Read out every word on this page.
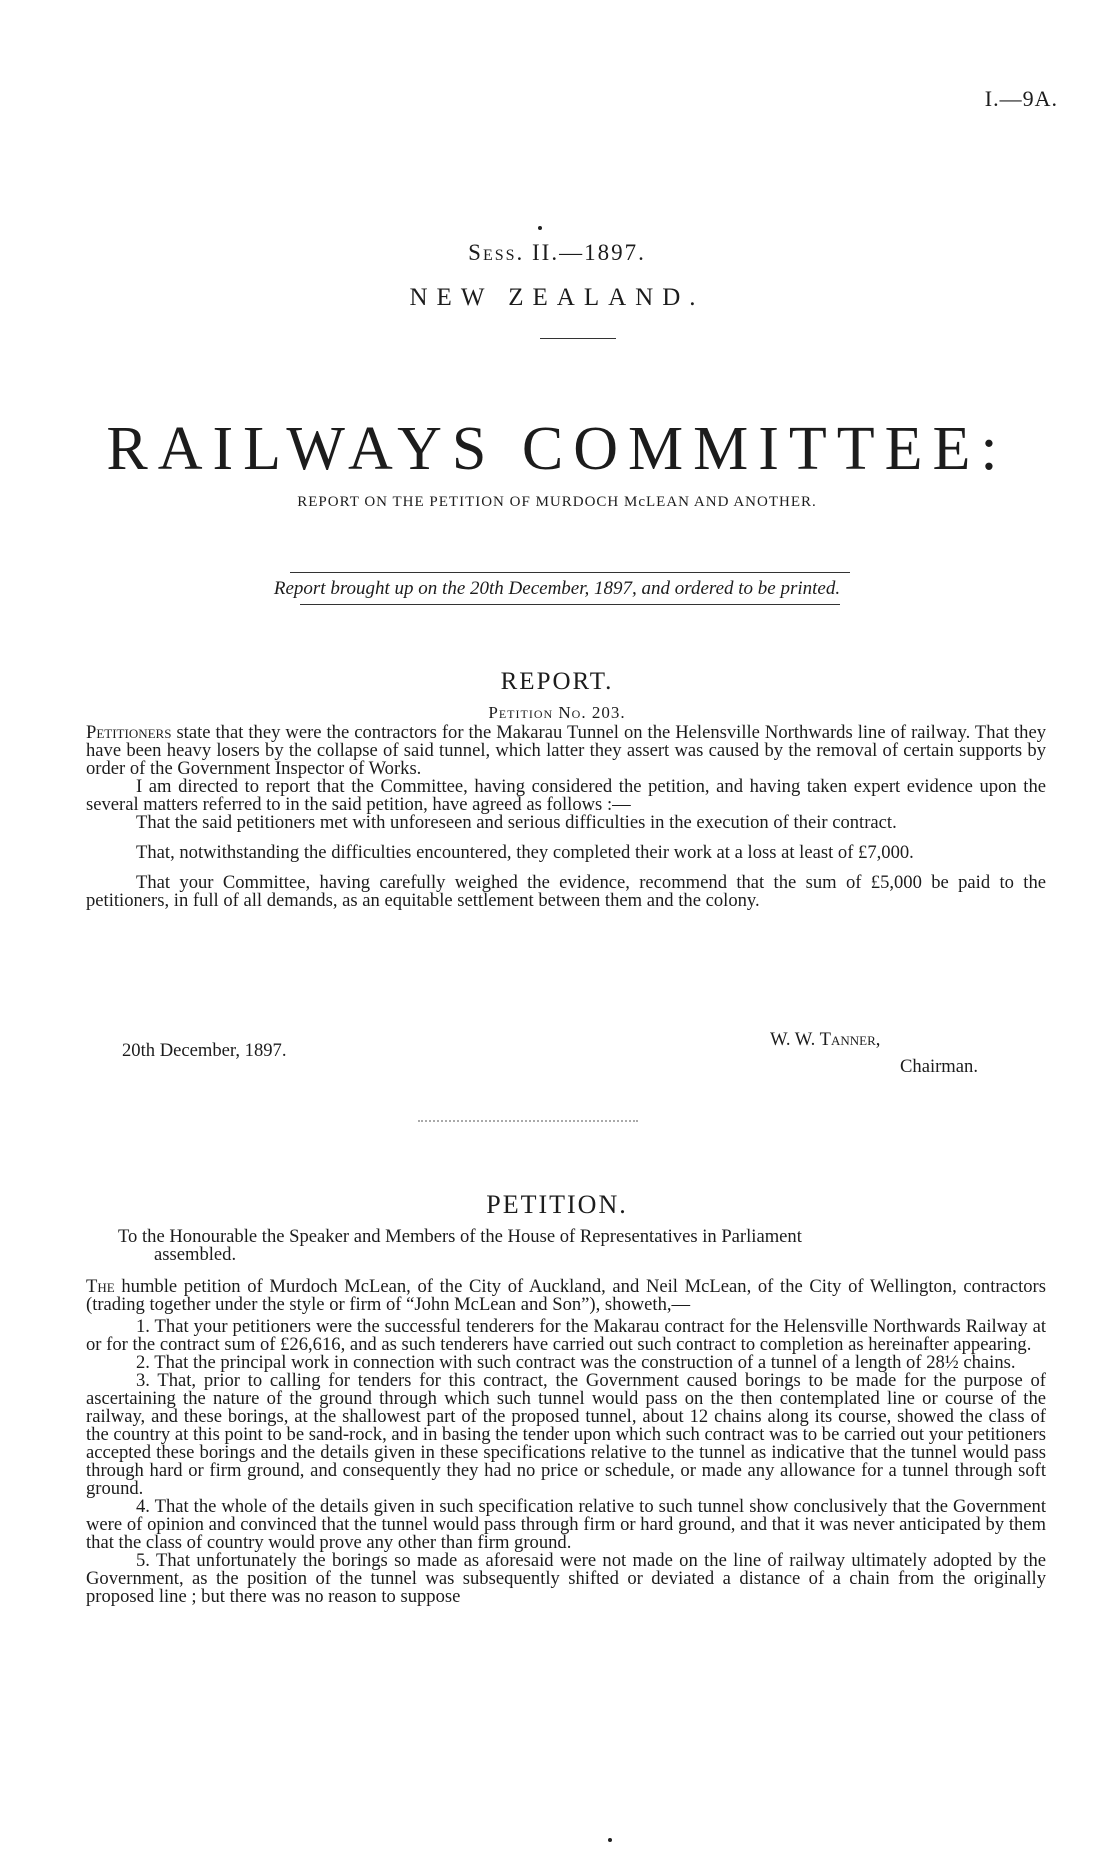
I.—9A.
Sess. II.—1897.
NEW ZEALAND.
RAILWAYS COMMITTEE:
REPORT ON THE PETITION OF MURDOCH McLEAN AND ANOTHER.
Report brought up on the 20th December, 1897, and ordered to be printed.
REPORT.
Petition No. 203.

Petitioners state that they were the contractors for the Makarau Tunnel on the Helensville Northwards line of railway. That they have been heavy losers by the collapse of said tunnel, which latter they assert was caused by the removal of certain supports by order of the Government Inspector of Works.

I am directed to report that the Committee, having considered the petition, and having taken expert evidence upon the several matters referred to in the said petition, have agreed as follows :—

That the said petitioners met with unforeseen and serious difficulties in the execution of their contract.

That, notwithstanding the difficulties encountered, they completed their work at a loss at least of £7,000.

That your Committee, having carefully weighed the evidence, recommend that the sum of £5,000 be paid to the petitioners, in full of all demands, as an equitable settlement between them and the colony.

20th December, 1897.
W. W. Tanner,
Chairman.
PETITION.
To the Honourable the Speaker and Members of the House of Representatives in Parliament
assembled.

The humble petition of Murdoch McLean, of the City of Auckland, and Neil McLean, of the City of Wellington, contractors (trading together under the style or firm of “John McLean and Son”), showeth,—

1. That your petitioners were the successful tenderers for the Makarau contract for the Helensville Northwards Railway at or for the contract sum of £26,616, and as such tenderers have carried out such contract to completion as hereinafter appearing.

2. That the principal work in connection with such contract was the construction of a tunnel of a length of 28½ chains.

3. That, prior to calling for tenders for this contract, the Government caused borings to be made for the purpose of ascertaining the nature of the ground through which such tunnel would pass on the then contemplated line or course of the railway, and these borings, at the shallowest part of the proposed tunnel, about 12 chains along its course, showed the class of the country at this point to be sand-rock, and in basing the tender upon which such contract was to be carried out your petitioners accepted these borings and the details given in these specifications relative to the tunnel as indicative that the tunnel would pass through hard or firm ground, and consequently they had no price or schedule, or made any allowance for a tunnel through soft ground.

4. That the whole of the details given in such specification relative to such tunnel show conclusively that the Government were of opinion and convinced that the tunnel would pass through firm or hard ground, and that it was never anticipated by them that the class of country would prove any other than firm ground.

5. That unfortunately the borings so made as aforesaid were not made on the line of railway ultimately adopted by the Government, as the position of the tunnel was subsequently shifted or deviated a distance of a chain from the originally proposed line ; but there was no reason to suppose
